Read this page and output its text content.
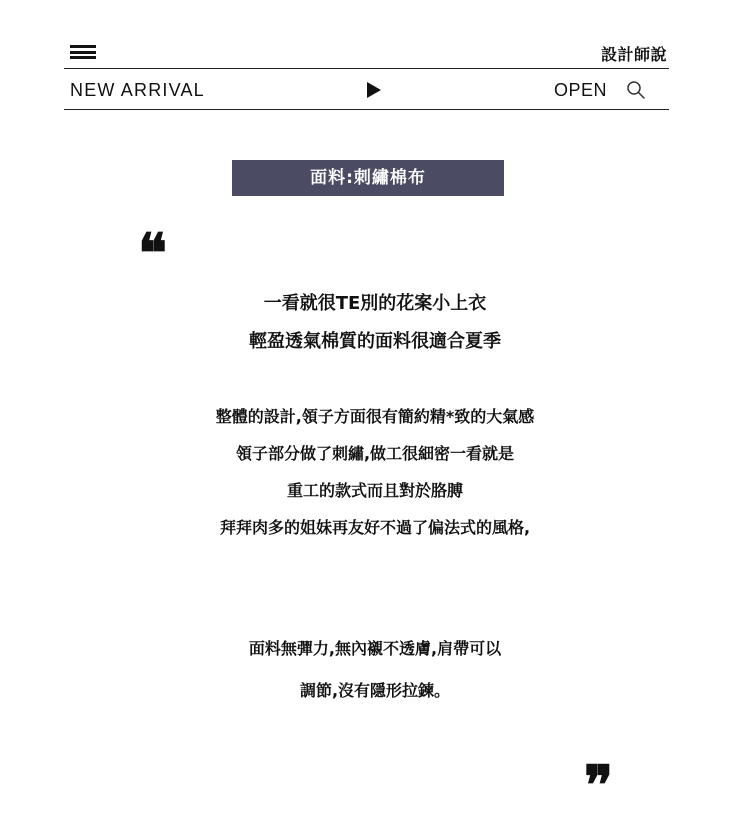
設計師說
NEW ARRIVAL	OPEN
面料:刺繡棉布
❝
一看就很TE別的花案小上衣
輕盈透氣棉質的面料很適合夏季
整體的設計,領子方面很有簡約精*致的大氣感
領子部分做了刺繡,做工很細密一看就是
重工的款式而且對於胳膊
拜拜肉多的姐妹再友好不過了偏法式的風格,
面料無彈力,無內襯不透膚,肩帶可以
調節,沒有隱形拉鍊。
❞
